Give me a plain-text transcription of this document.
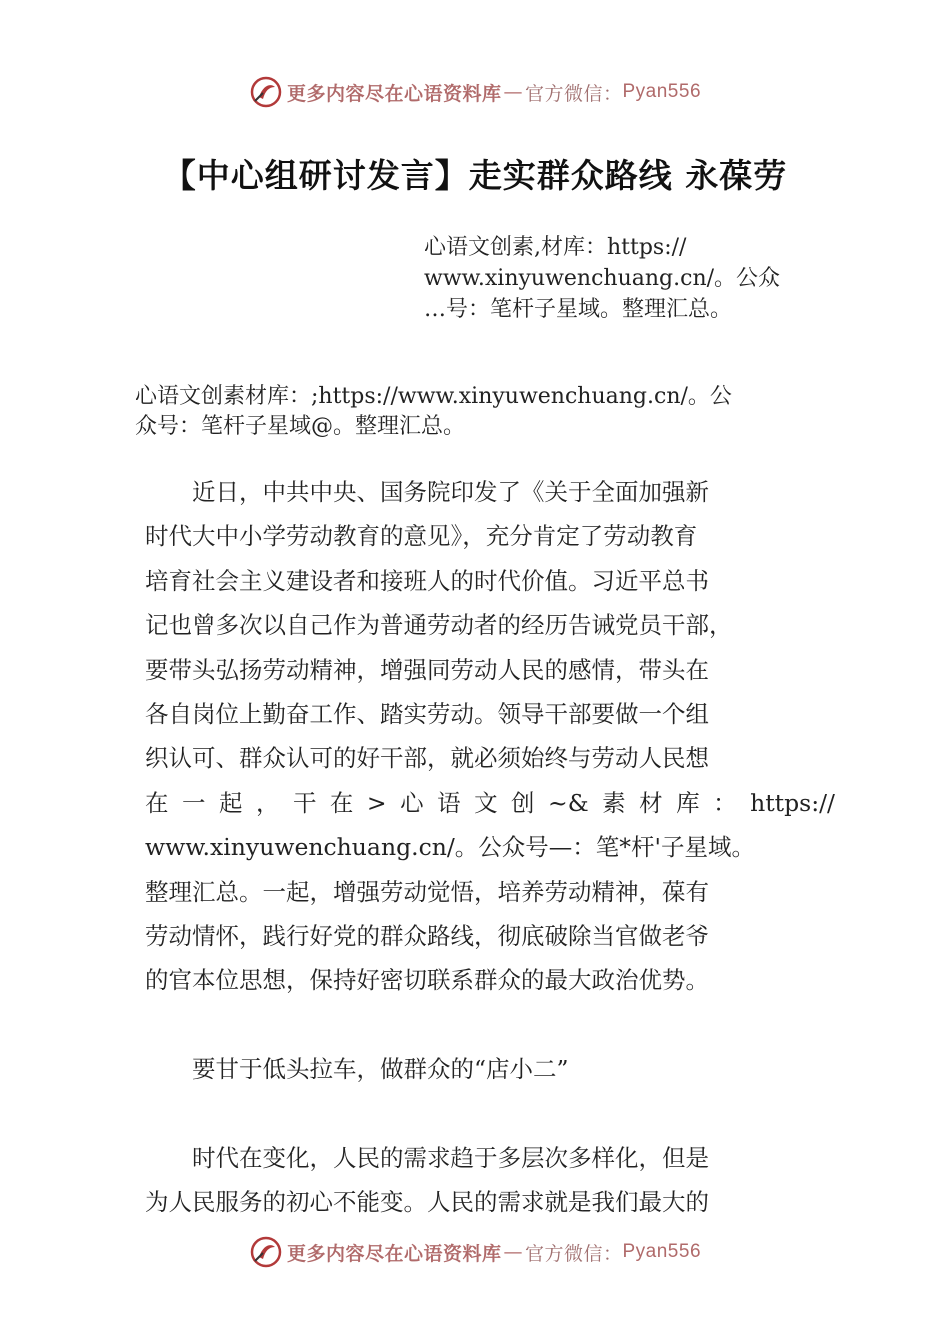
更多内容尽在心语资料库 — 官方微信： Pyan556
【中心组研讨发言】走实群众路线 永葆劳

心语文创素,材库：https://

www.xinyuwenchuang.cn/。公众

…号：笔杆子星域。整理汇总。

心语文创素材库：;https://www.xinyuwenchuang.cn/。公

众号：笔杆子星域@。整理汇总。

　　近日，中共中央、国务院印发了《关于全面加强新
时代大中小学劳动教育的意见》，充分肯定了劳动教育
培育社会主义建设者和接班人的时代价值。习近平总书
记也曾多次以自己作为普通劳动者的经历告诫党员干部，
要带头弘扬劳动精神，增强同劳动人民的感情，带头在
各自岗位上勤奋工作、踏实劳动。领导干部要做一个组
织认可、群众认可的好干部，就必须始终与劳动人民想
在 一 起 ， 干 在 > 心 语 文 创 ~& 素 材 库 ： https://
www.xinyuwenchuang.cn/。公众号—：笔*杆'子星域。
整理汇总。一起，增强劳动觉悟，培养劳动精神，葆有
劳动情怀，践行好党的群众路线，彻底破除当官做老爷
的官本位思想，保持好密切联系群众的最大政治优势。
　　要甘于低头拉车，做群众的“店小二”
　　时代在变化，人民的需求趋于多层次多样化，但是
为人民服务的初心不能变。人民的需求就是我们最大的
更多内容尽在心语资料库 — 官方微信： Pyan556
